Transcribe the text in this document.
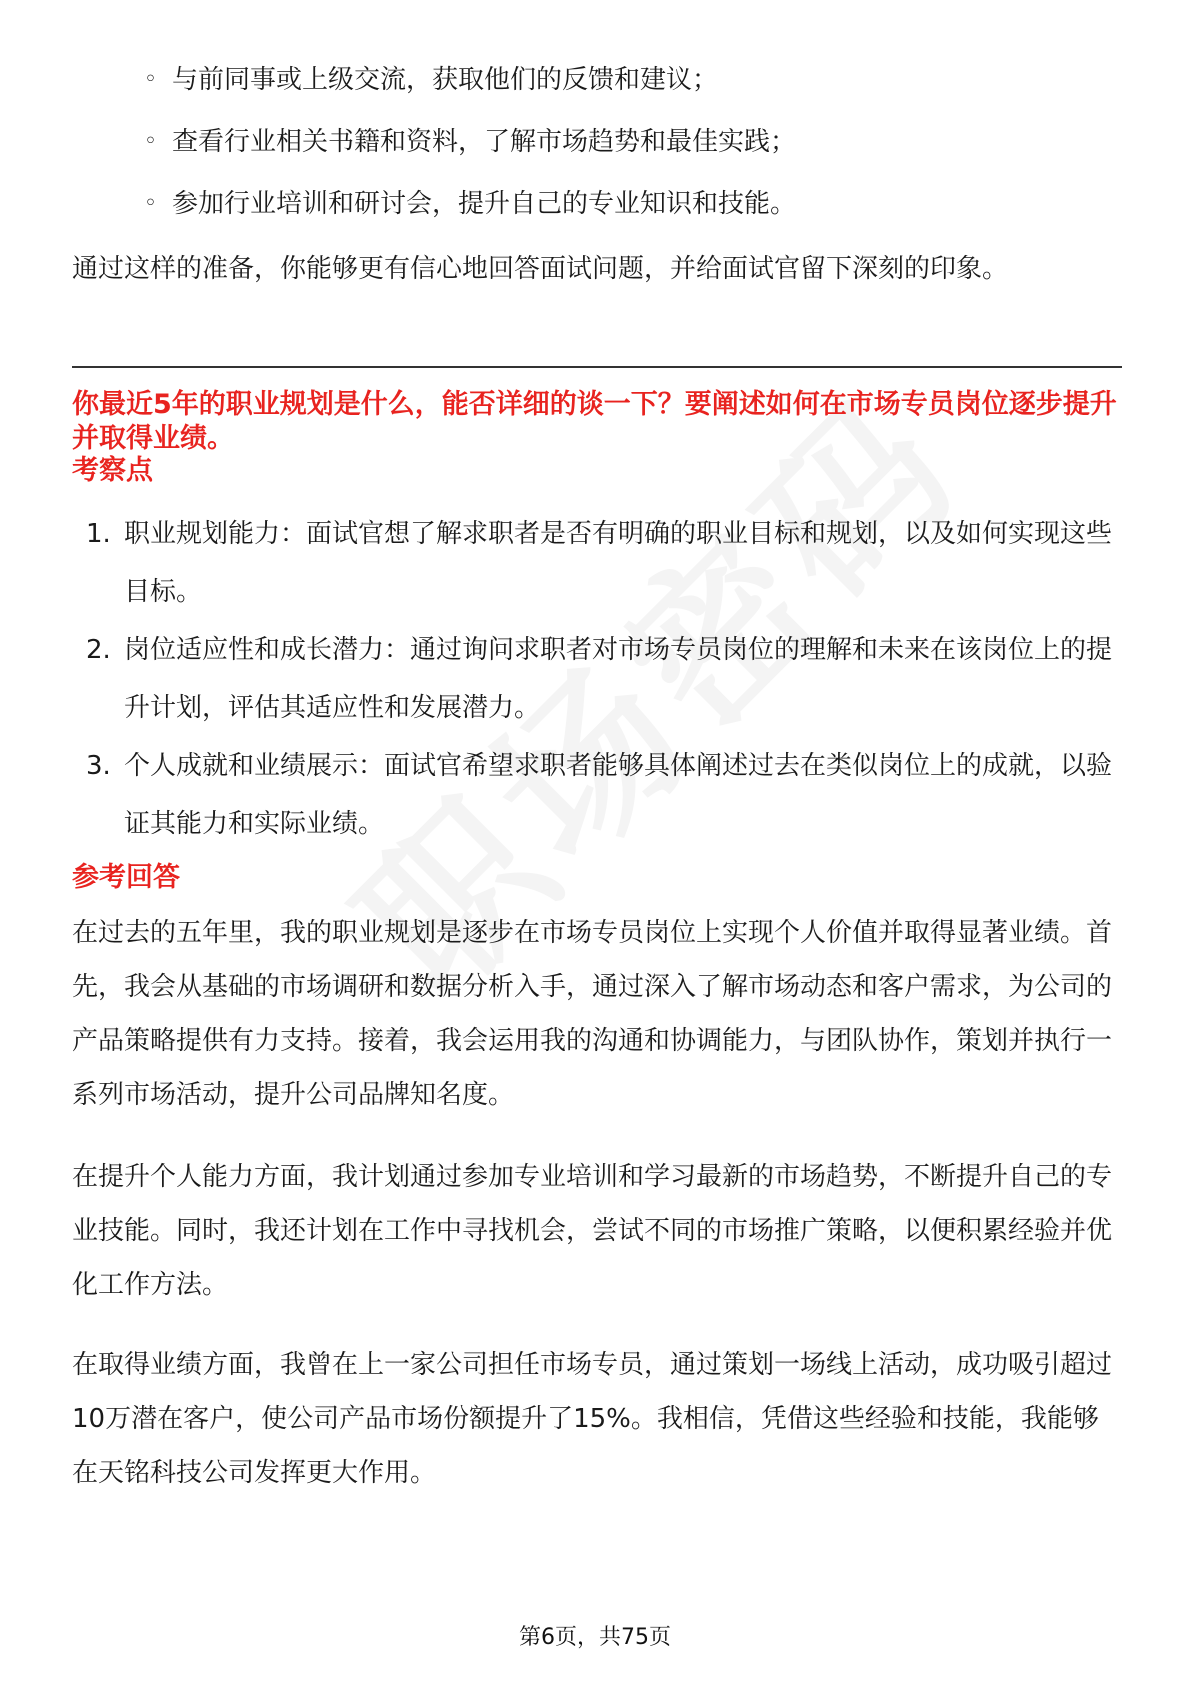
◦ 与前同事或上级交流，获取他们的反馈和建议；
◦ 查看行业相关书籍和资料，了解市场趋势和最佳实践；
◦ 参加行业培训和研讨会，提升自己的专业知识和技能。
通过这样的准备，你能够更有信心地回答面试问题，并给面试官留下深刻的印象。
你最近5年的职业规划是什么，能否详细的谈一下？要阐述如何在市场专员岗位逐步提升并取得业绩。
考察点
1. 职业规划能力：面试官想了解求职者是否有明确的职业目标和规划，以及如何实现这些目标。
2. 岗位适应性和成长潜力：通过询问求职者对市场专员岗位的理解和未来在该岗位上的提升计划，评估其适应性和发展潜力。
3. 个人成就和业绩展示：面试官希望求职者能够具体阐述过去在类似岗位上的成就，以验证其能力和实际业绩。
参考回答
在过去的五年里，我的职业规划是逐步在市场专员岗位上实现个人价值并取得显著业绩。首先，我会从基础的市场调研和数据分析入手，通过深入了解市场动态和客户需求，为公司的产品策略提供有力支持。接着，我会运用我的沟通和协调能力，与团队协作，策划并执行一系列市场活动，提升公司品牌知名度。
在提升个人能力方面，我计划通过参加专业培训和学习最新的市场趋势，不断提升自己的专业技能。同时，我还计划在工作中寻找机会，尝试不同的市场推广策略，以便积累经验并优化工作方法。
在取得业绩方面，我曾在上一家公司担任市场专员，通过策划一场线上活动，成功吸引超过10万潜在客户，使公司产品市场份额提升了15%。我相信，凭借这些经验和技能，我能够在天铭科技公司发挥更大作用。
第6页，共75页
